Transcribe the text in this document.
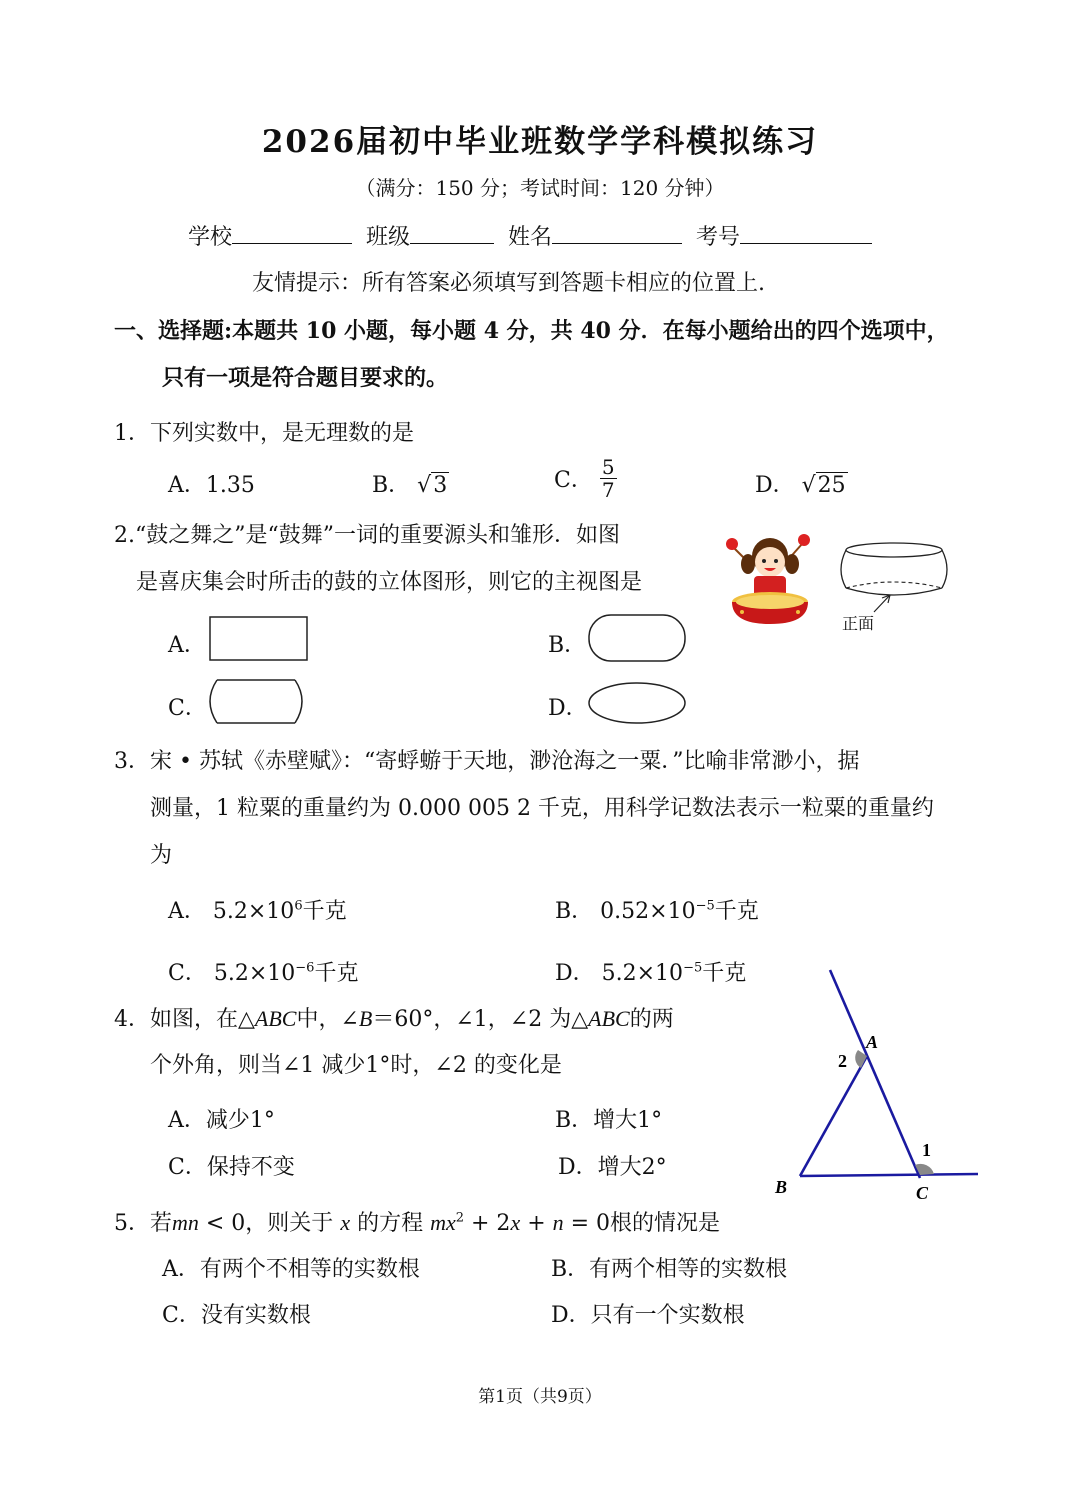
2026届初中毕业班数学学科模拟练习
（满分：150 分；考试时间：120 分钟）
学校	班级	姓名	考号
友情提示：所有答案必须填写到答题卡相应的位置上.
一、选择题:本题共 10 小题，每小题 4 分，共 40 分．在每小题给出的四个选项中，
只有一项是符合题目要求的。
1．下列实数中，是无理数的是
A．1.35	B． √3	C． $\frac{5}{7}$	D． √25
2.“鼓之舞之”是“鼓舞”一词的重要源头和雏形．如图
是喜庆集会时所击的鼓的立体图形，则它的主视图是
正面
A．	B．
C．	D．
3．宋 • 苏轼《赤壁赋》：“寄蜉蝣于天地，渺沧海之一粟．”比喻非常渺小，据
测量，1 粒粟的重量约为 0.000 005 2 千克，用科学记数法表示一粒粟的重量约
为
A． $5.2\times 10^6$千克	B． $0.52\times 10^{-5}$千克
C． $5.2\times 10^{-6}$千克	D． $5.2\times 10^{-5}$千克
4．如图，在△ABC中，∠B＝60°，∠1，∠2 为△ABC的两
个外角，则当∠1 减少1°时，∠2 的变化是
A．减少1°	B．增大1°
C．保持不变	D．增大2°
A
2
1
B	C
5．若mn < 0，则关于 x 的方程 $mx^2 + 2x + n = 0$根的情况是
A．有两个不相等的实数根	B．有两个相等的实数根
C．没有实数根	D．只有一个实数根
第1页（共9页）
